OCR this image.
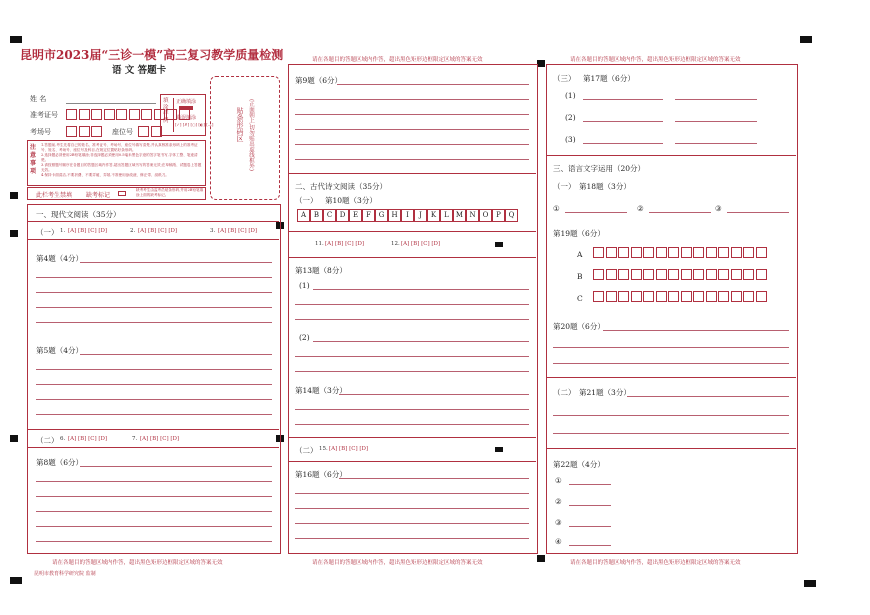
昆明市2023届“三诊一模”高三复习教学质量检测
语 文 答题卡
姓 名
准考证号
考场号	座位号
填涂样例
正确填涂
错误填涂
[✓] [✗] [○] [◐] [—]
注意事项
1.答题前,考生先将自己的姓名、准考证号、考场号、座位号填写清楚,并认真核准条形码上的准考证号、姓名、考场号、座位号及科目,在规定位置贴好条形码。
2.选择题必须使用2B铅笔填涂;非选择题必须使用0.5毫米黑色字迹的签字笔书写,字体工整、笔迹清楚。
3.请按照题号顺序在各题目的答题区域内作答,超出答题区域书写的答案无效;在草稿纸、试题卷上答题无效。
4.保持卡面清洁,不要折叠、不要弄破、弄皱,不准使用涂改液、修正带、刮纸刀。
此栏考生禁填 缺考标记
缺考考生由监考员贴条形码,并用2B铅笔填涂上面的缺考标记。
贴条形码区 (正面朝上,切勿贴出虚线框外)
一、现代文阅读（35分）
（一） 1. [A] [B] [C] [D]	2. [A] [B] [C] [D]	3. [A] [B] [C] [D]
第4题（4分）
第5题（4分）
（二） 6. [A] [B] [C] [D]	7. [A] [B] [C] [D]
第8题（6分）
请在各题目的答题区域内作答，超出黑色矩形边框限定区域的答案无效
第9题（6分）
二、古代诗文阅读（35分）
（一） 第10题（3分）
A	B	C	D	E	F	G	H	I	J	K	L	M N	O	P	Q
11. [A] [B] [C] [D]	12. [A] [B] [C] [D]
第13题（8分）
(1)
(2)
第14题（3分）
（二） 15. [A] [B] [C] [D]
第16题（6分）
请在各题目的答题区域内作答，超出黑色矩形边框限定区域的答案无效
请在各题目的答题区域内作答，超出黑色矩形边框限定区域的答案无效
（三） 第17题（6分）
(1)
(2)
(3)
三、语言文字运用（20分）
（一） 第18题（3分）
①	②	③
第19题（6分）
A
B
C
第20题（6分）
（二） 第21题（3分）
第22题（4分）
①
②
③
④
请在各题目的答题区域内作答，超出黑色矩形边框限定区域的答案无效
请在各题目的答题区域内作答，超出黑色矩形边框限定区域的答案无效
昆明市教育科学研究院 监制
